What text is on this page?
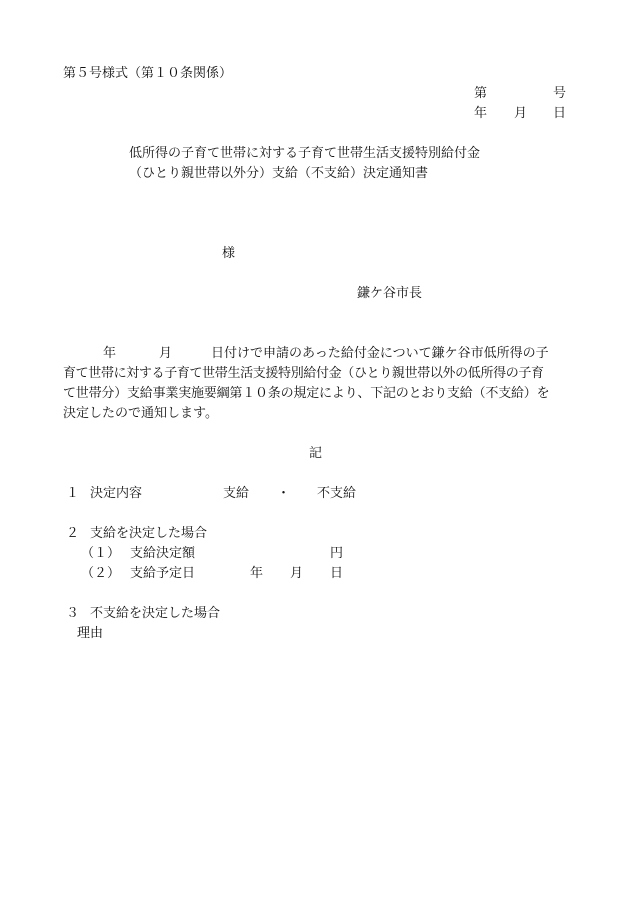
第５号様式（第１０条関係）
第	号
年 月 日
低所得の子育て世帯に対する子育て世帯生活支援特別給付金
（ひとり親世帯以外分）支給（不支給）決定通知書
様
鎌ケ谷市長
年	月	日付けで申請のあった給付金について鎌ケ谷市低所得の子
育て世帯に対する子育て世帯生活支援特別給付金（ひとり親世帯以外の低所得の子育
て世帯分）支給事業実施要綱第１０条の規定により、下記のとおり支給（不支給）を
決定したので通知します。
記
１ 決定内容	支給 ・ 不支給
２ 支給を決定した場合
（１） 支給決定額	円
（２） 支給予定日	年 月 日
３ 不支給を決定した場合
理由
